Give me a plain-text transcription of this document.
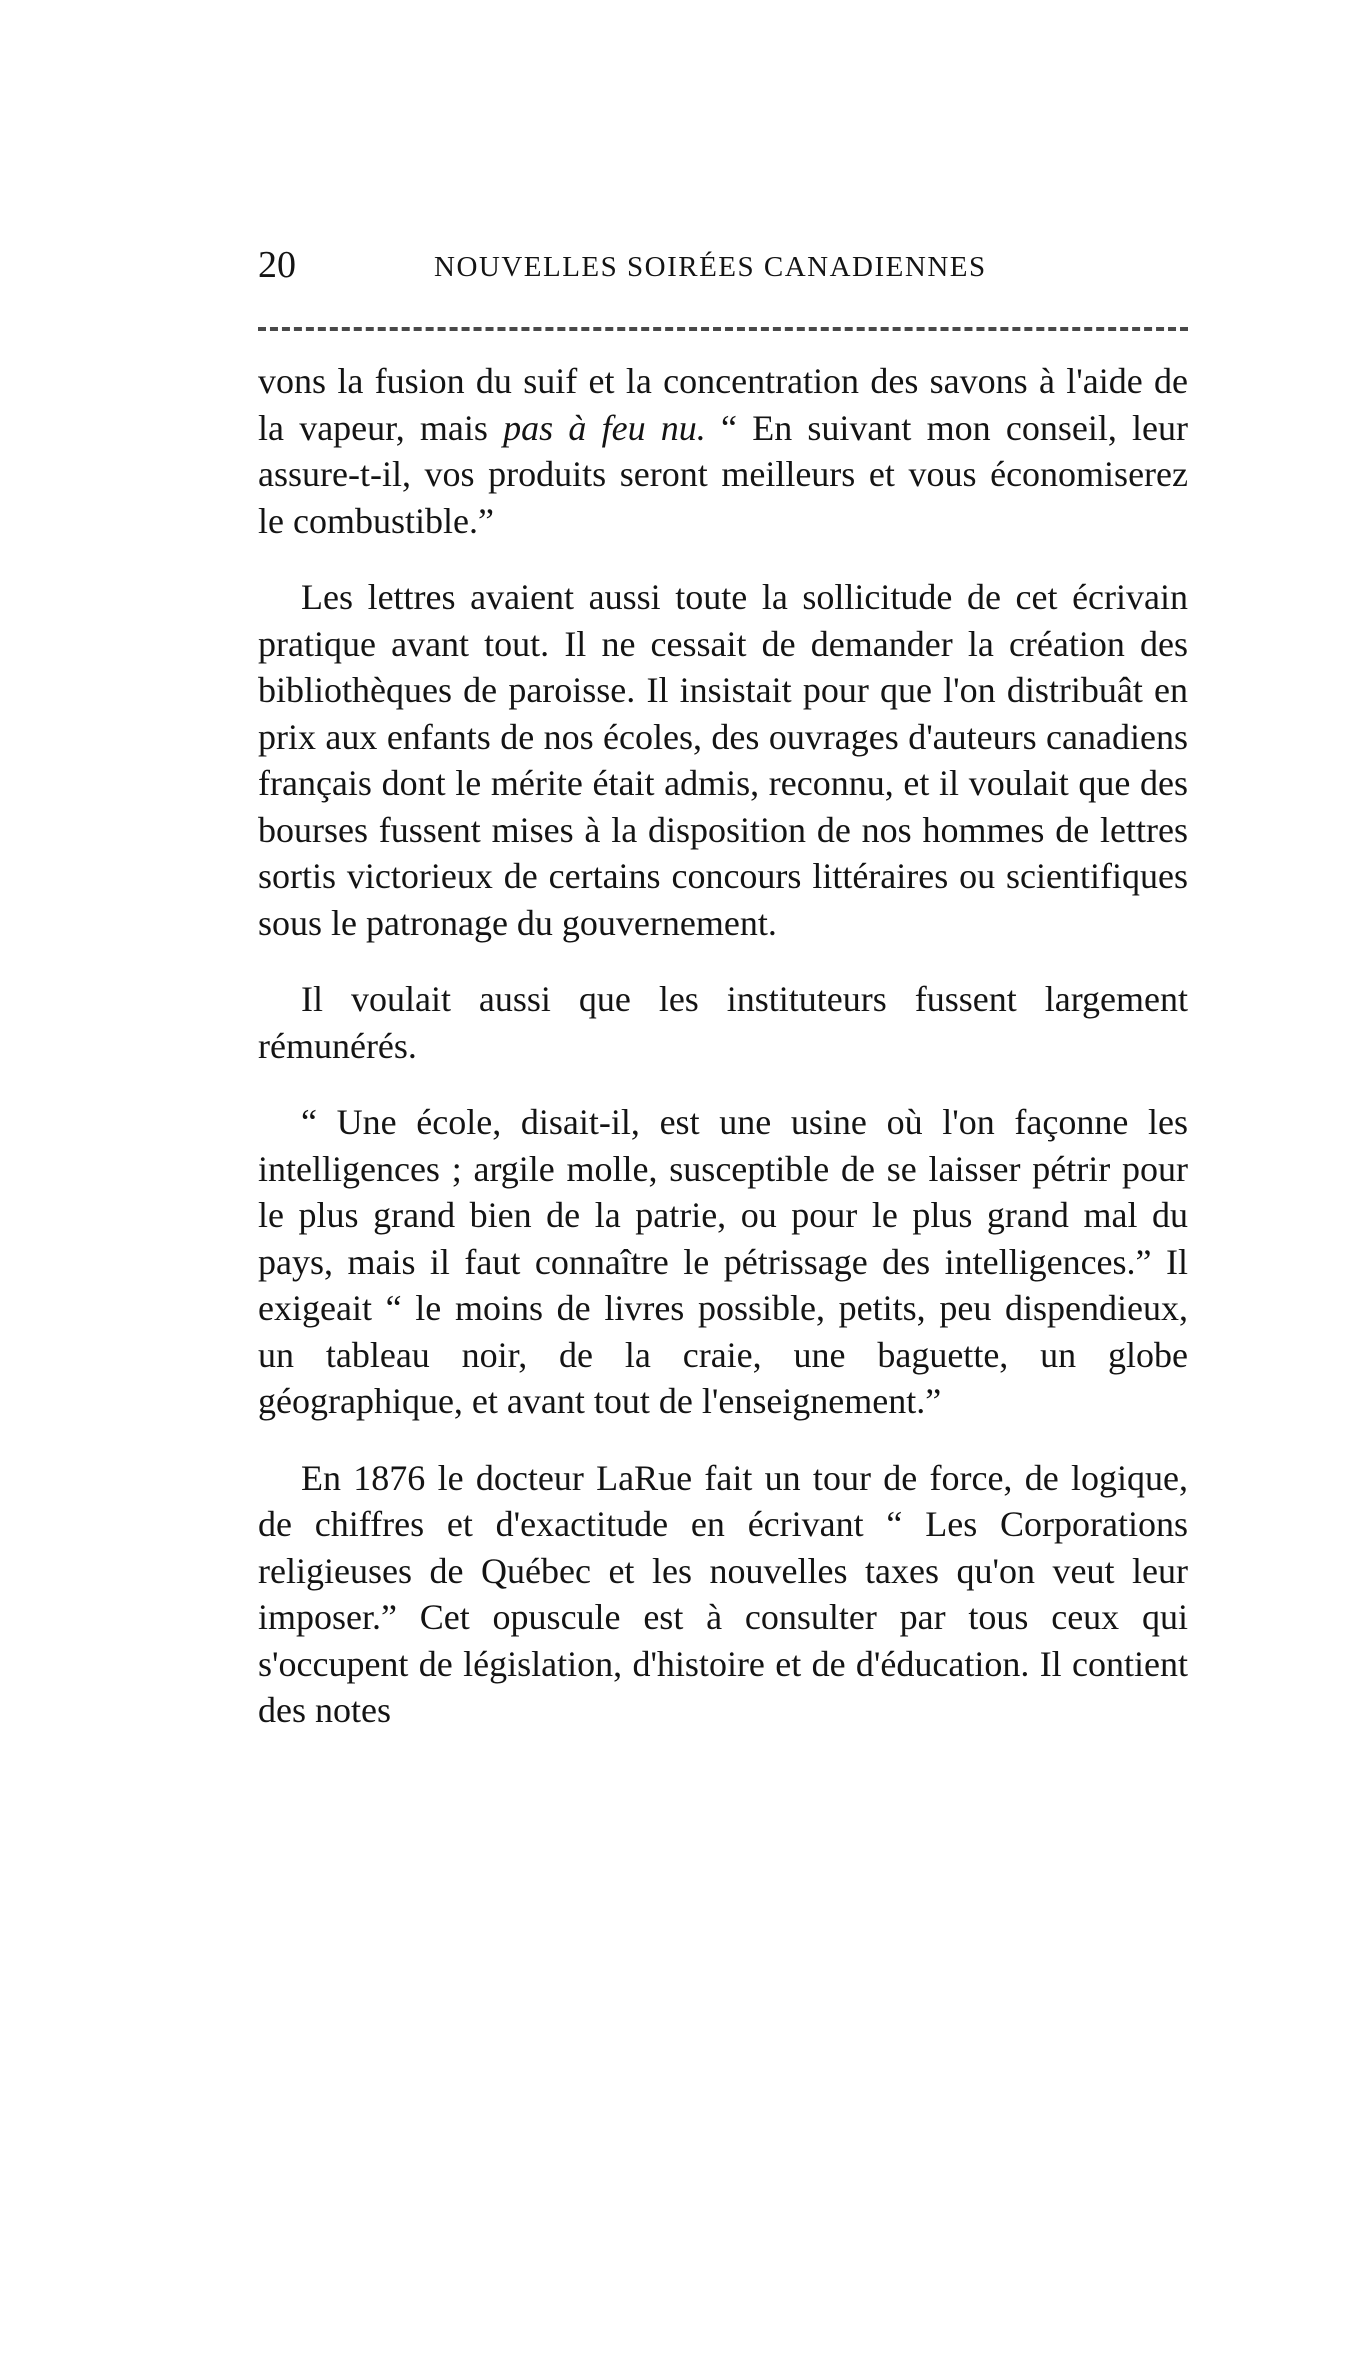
20	NOUVELLES SOIRÉES CANADIENNES

vons la fusion du suif et la concentration des savons à l'aide de la vapeur, mais pas à feu nu. “ En suivant mon conseil, leur assure-t-il, vos produits seront meilleurs et vous économiserez le combustible.”

Les lettres avaient aussi toute la sollicitude de cet écrivain pratique avant tout. Il ne cessait de demander la création des bibliothèques de paroisse. Il insistait pour que l'on distribuât en prix aux enfants de nos écoles, des ouvrages d'auteurs canadiens français dont le mérite était admis, reconnu, et il voulait que des bourses fussent mises à la disposition de nos hommes de lettres sortis victorieux de certains concours littéraires ou scientifiques sous le patronage du gouvernement.

Il voulait aussi que les instituteurs fussent largement rémunérés.

“ Une école, disait-il, est une usine où l'on façonne les intelligences ; argile molle, susceptible de se laisser pétrir pour le plus grand bien de la patrie, ou pour le plus grand mal du pays, mais il faut connaître le pétrissage des intelligences.” Il exigeait “ le moins de livres possible, petits, peu dispendieux, un tableau noir, de la craie, une baguette, un globe géographique, et avant tout de l'enseignement.”

En 1876 le docteur LaRue fait un tour de force, de logique, de chiffres et d'exactitude en écrivant “ Les Corporations religieuses de Québec et les nouvelles taxes qu'on veut leur imposer.” Cet opuscule est à consulter par tous ceux qui s'occupent de législation, d'histoire et de d'éducation. Il contient des notes
